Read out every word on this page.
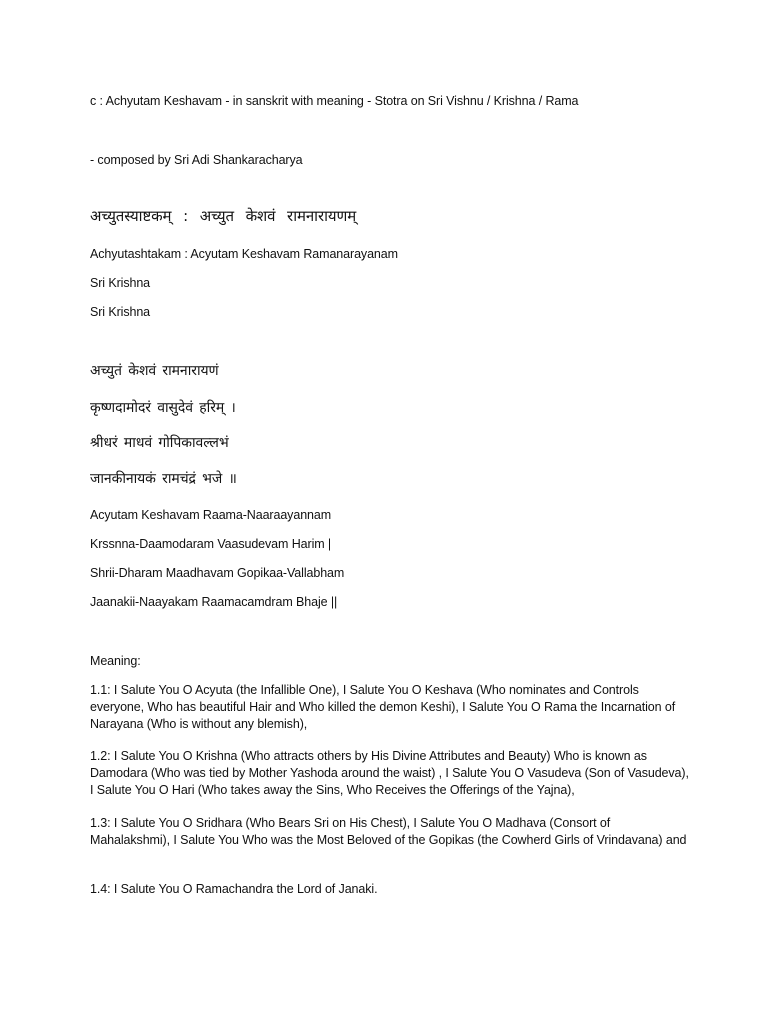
c : Achyutam Keshavam - in sanskrit with meaning - Stotra on Sri Vishnu / Krishna / Rama
- composed by Sri Adi Shankaracharya
अच्युतस्याष्टकम् : अच्युत केशवं रामनारायणम्
Achyutashtakam : Acyutam Keshavam Ramanarayanam
Sri Krishna
Sri Krishna
अच्युतं केशवं रामनारायणं
कृष्णदामोदरं वासुदेवं हरिम् ।
श्रीधरं माधवं गोपिकावल्लभं
जानकीनायकं रामचंद्रं भजे ॥
Acyutam Keshavam Raama-Naaraayannam
Krssnna-Daamodaram Vaasudevam Harim |
Shrii-Dharam Maadhavam Gopikaa-Vallabham
Jaanakii-Naayakam Raamacamdram Bhaje ||
Meaning:
1.1: I Salute You O Acyuta (the Infallible One), I Salute You O Keshava (Who nominates and Controls everyone, Who has beautiful Hair and Who killed the demon Keshi), I Salute You O Rama the Incarnation of Narayana (Who is without any blemish),
1.2: I Salute You O Krishna (Who attracts others by His Divine Attributes and Beauty) Who is known as Damodara (Who was tied by Mother Yashoda around the waist) , I Salute You O Vasudeva (Son of Vasudeva), I Salute You O Hari (Who takes away the Sins, Who Receives the Offerings of the Yajna),
1.3: I Salute You O Sridhara (Who Bears Sri on His Chest), I Salute You O Madhava (Consort of Mahalakshmi), I Salute You Who was the Most Beloved of the Gopikas (the Cowherd Girls of Vrindavana) and
1.4: I Salute You O Ramachandra the Lord of Janaki.
